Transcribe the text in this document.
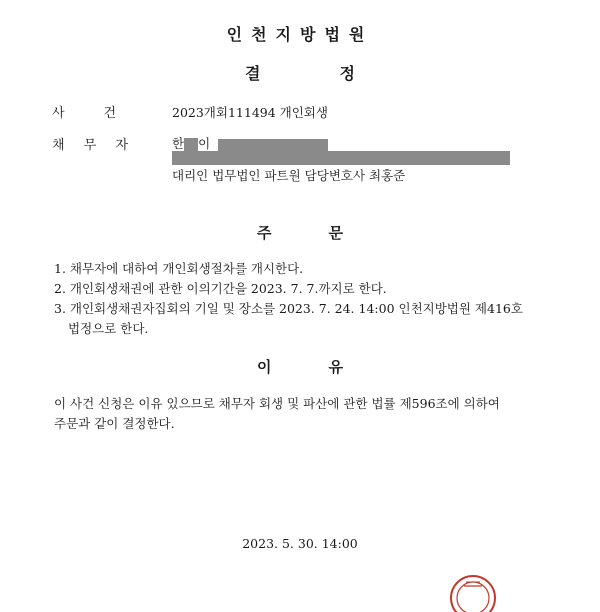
인천지방법원
결	정
사	건	2023개회111494 개인회생
채 무 자	한 이
대리인 법무법인 파트원 담당변호사 최홍준
주	문
1. 채무자에 대하여 개인회생절차를 개시한다.
2. 개인회생채권에 관한 이의기간을 2023. 7. 7.까지로 한다.
3. 개인회생채권자집회의 기일 및 장소를 2023. 7. 24. 14:00 인천지방법원 제416호
법정으로 한다.
이	유
이 사건 신청은 이유 있으므로 채무자 회생 및 파산에 관한 법률 제596조에 의하여
주문과 같이 결정한다.
2023. 5. 30. 14:00
